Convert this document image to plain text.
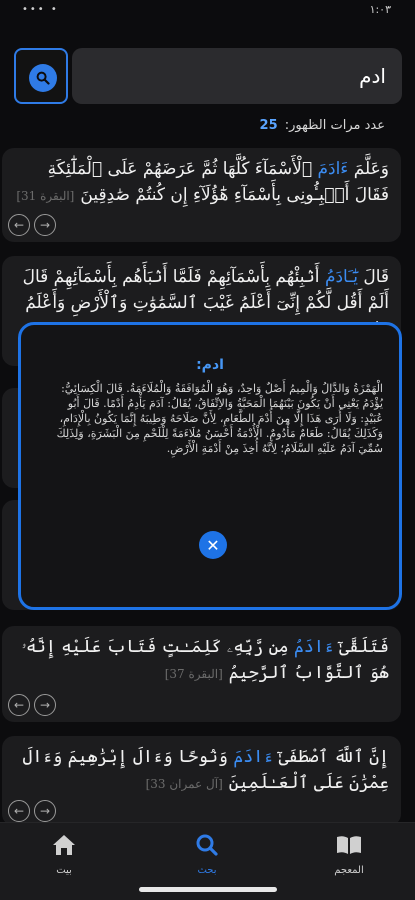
••• •	١:٠٣
ادم
عدد مرات الظهور: 25
وَعَلَّمَ ءَادَمَ ٱلْأَسْمَآءَ كُلَّهَا ثُمَّ عَرَضَهُمْ عَلَى ٱلْمَلَٰٓئِكَةِ فَقَالَ أَنۢبِـُٔونِى بِأَسْمَآءِ هَٰٓؤُلَآءِ إِن كُنتُمْ صَٰدِقِينَ[البقرة 31]
← →
قَالَ يَٰٓـَادَمُ أَنۢبِئْهُم بِأَسْمَآئِهِمْ فَلَمَّا أَنۢبَأَهُم بِأَسْمَآئِهِمْ قَالَ أَلَمْ أَقُل لَّكُمْ إِنِّىٓ أَعْلَمُ غَيْبَ ٱلسَّمَٰوَٰتِ وَٱلْأَرْضِ وَأَعْلَمُ
فَتَلَقَّىٰٓ ءَادَمُ مِن رَّبِّهِۦ كَلِمَـٰتٍ فَتَابَ عَلَيْهِ إِنَّهُۥ هُوَ ٱلتَّوَّابُ ٱلرَّحِيمُ[البقرة 37]
← →
إِنَّ ٱللَّهَ ٱصْطَفَىٰٓ ءَادَمَ وَنُوحًا وَءَالَ إِبْرَٰهِيمَ وَءَالَ عِمْرَٰنَ عَلَى ٱلْعَـٰلَمِينَ[آل عمران 33]
← →
ادم:
الْهَمْزَةُ وَالدَّالُ وَالْمِيمُ أَصْلٌ وَاحِدٌ، وَهُوَ الْمُوَافَقَةُ وَالْمُلَاءَمَةُ. قَالَ الْكِسَائِيُّ: يُؤْدَمُ يَعْنِي أَنْ يَكُونَ بَيْنَهُمَا الْمَحَبَّةُ وَالاِتِّفَاقُ، يُقَالُ: آدَمَ يَأْدِمُ أَدْمًا. قَالَ أَبُو عُبَيْدٍ: وَلَا أُرَى هَذَا إِلَّا مِنَ أُدْمَ الطَّعَامِ، لِأَنَّ صَلَاحَهُ وَطِيبَهُ إِنَّمَا يَكُونُ بِالْإِدَامِ، وَكَذَلِكَ يُقَالُ: طَعَامٌ مَأْدُومٌ. الْأُدْمَةُ أَحْسَنُ مُلَاءَمَةً لِلْلَحْمِ مِنَ الْبَشَرَةِ، وَلِذَلِكَ سُمِّيَ آدَمُ عَلَيْهِ السَّلَامُ؛ لِأَنَّهُ أُخِذَ مِنْ أَدْمَةِ الْأَرْضِ.
✕
بيت	بحث	المعجم
